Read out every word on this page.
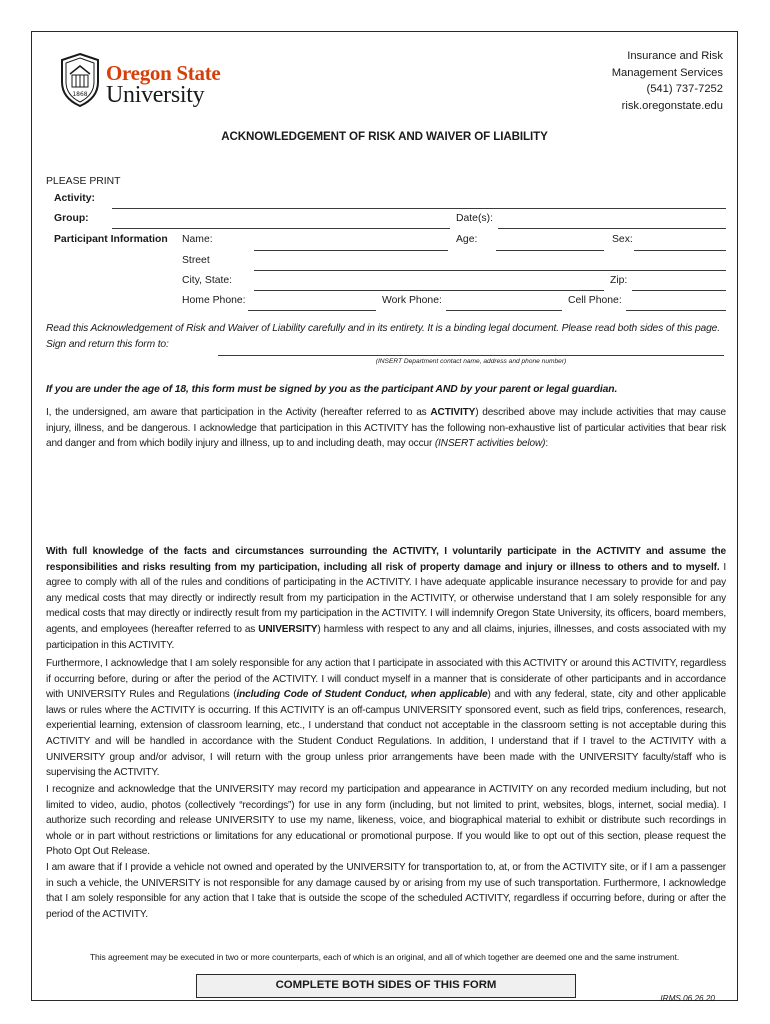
1868
Oregon State
University
Insurance and Risk
Management Services
(541) 737-7252
risk.oregonstate.edu
ACKNOWLEDGEMENT OF RISK AND WAIVER OF LIABILITY
PLEASE PRINT
Activity:
Group:	Date(s):
Participant Information Name:	Age:	Sex:
Street
City, State:	Zip:
Home Phone:	Work Phone:	Cell Phone:
Read this Acknowledgement of Risk and Waiver of Liability carefully and in its entirety. It is a binding legal document. Please read both sides of this page. Sign and return this form to:
(INSERT Department contact name, address and phone number)
If you are under the age of 18, this form must be signed by you as the participant AND by your parent or legal guardian.
I, the undersigned, am aware that participation in the Activity (hereafter referred to as ACTIVITY) described above may include activities that may cause injury, illness, and be dangerous. I acknowledge that participation in this ACTIVITY has the following non-exhaustive list of particular activities that bear risk and danger and from which bodily injury and illness, up to and including death, may occur (INSERT activities below):
With full knowledge of the facts and circumstances surrounding the ACTIVITY, I voluntarily participate in the ACTIVITY and assume the responsibilities and risks resulting from my participation, including all risk of property damage and injury or illness to others and to myself. I agree to comply with all of the rules and conditions of participating in the ACTIVITY. I have adequate applicable insurance necessary to provide for and pay any medical costs that may directly or indirectly result from my participation in the ACTIVITY, or otherwise understand that I am solely responsible for any medical costs that may directly or indirectly result from my participation in the ACTIVITY. I will indemnify Oregon State University, its officers, board members, agents, and employees (hereafter referred to as UNIVERSITY) harmless with respect to any and all claims, injuries, illnesses, and costs associated with my participation in this ACTIVITY.
Furthermore, I acknowledge that I am solely responsible for any action that I participate in associated with this ACTIVITY or around this ACTIVITY, regardless if occurring before, during or after the period of the ACTIVITY. I will conduct myself in a manner that is considerate of other participants and in accordance with UNIVERSITY Rules and Regulations (including Code of Student Conduct, when applicable) and with any federal, state, city and other applicable laws or rules where the ACTIVITY is occurring. If this ACTIVITY is an off-campus UNIVERSITY sponsored event, such as field trips, conferences, research, experiential learning, extension of classroom learning, etc., I understand that conduct not acceptable in the classroom setting is not acceptable during this ACTIVITY and will be handled in accordance with the Student Conduct Regulations. In addition, I understand that if I travel to the ACTIVITY with a UNIVERSITY group and/or advisor, I will return with the group unless prior arrangements have been made with the UNIVERSITY faculty/staff who is supervising the ACTIVITY.
I recognize and acknowledge that the UNIVERSITY may record my participation and appearance in ACTIVITY on any recorded medium including, but not limited to video, audio, photos (collectively “recordings”) for use in any form (including, but not limited to print, websites, blogs, internet, social media). I authorize such recording and release UNIVERSITY to use my name, likeness, voice, and biographical material to exhibit or distribute such recordings in whole or in part without restrictions or limitations for any educational or promotional purpose. If you would like to opt out of this section, please request the Photo Opt Out Release.
I am aware that if I provide a vehicle not owned and operated by the UNIVERSITY for transportation to, at, or from the ACTIVITY site, or if I am a passenger in such a vehicle, the UNIVERSITY is not responsible for any damage caused by or arising from my use of such transportation. Furthermore, I acknowledge that I am solely responsible for any action that I take that is outside the scope of the scheduled ACTIVITY, regardless if occurring before, during or after the period of the ACTIVITY.
This agreement may be executed in two or more counterparts, each of which is an original, and all of which together are deemed one and the same instrument.
COMPLETE BOTH SIDES OF THIS FORM
IRMS 06.26.20
